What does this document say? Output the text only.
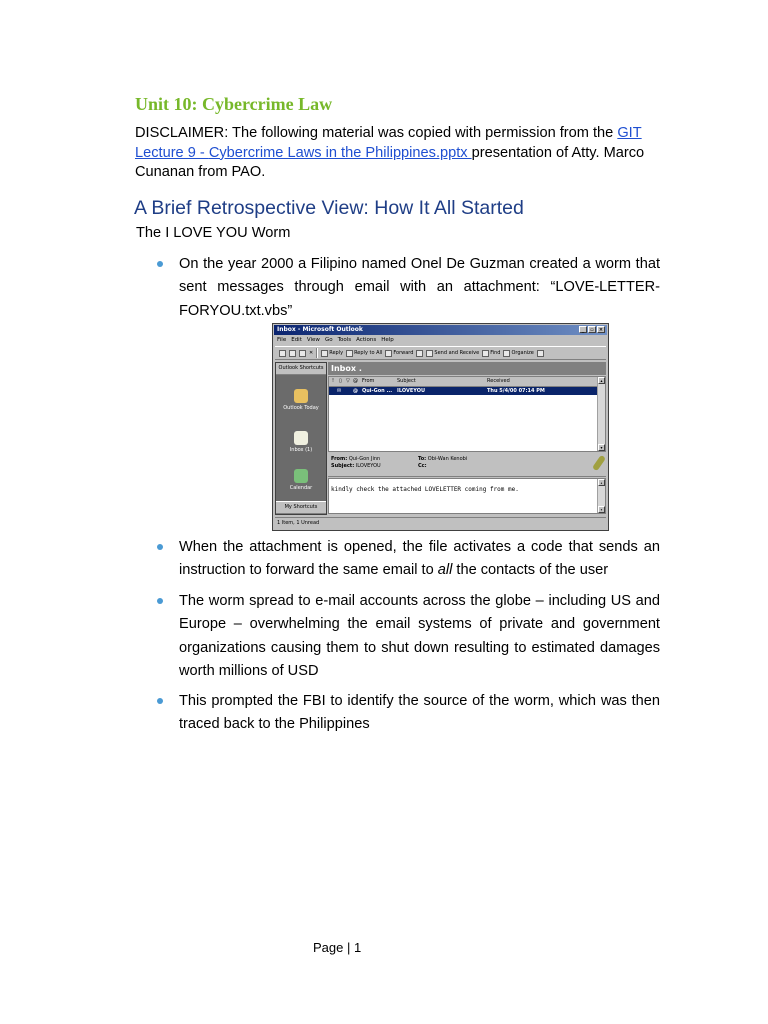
Unit 10: Cybercrime Law
DISCLAIMER: The following material was copied with permission from the GIT Lecture 9 - Cybercrime Laws in the Philippines.pptx presentation of Atty. Marco Cunanan from PAO.
A Brief Retrospective View: How It All Started
The I LOVE YOU Worm
On the year 2000 a Filipino named Onel De Guzman created a worm that sent messages through email with an attachment: “LOVE-LETTER-FORYOU.txt.vbs”
Inbox - Microsoft Outlook	_	▫	×
File Edit View Go Tools Actions Help
✕	Reply Reply to All Forward	Send and Receive Find Organize
Outlook Shortcuts
Outlook Today
Inbox (1)
Calendar
My Shortcuts
Inbox .
! ▯ ▽ @ From	Subject	Received
✉ @ Qui-Gon ... ILOVEYOU	Thu 5/4/00 07:14 PM
▴
▾
From: Qui-Gon Jinn
Subject: ILOVEYOU
To: Obi-Wan Kenobi
Cc:
kindly check the attached LOVELETTER coming from me.
▴
▾
1 Item, 1 Unread
When the attachment is opened, the file activates a code that sends an instruction to forward the same email to all the contacts of the user
The worm spread to e-mail accounts across the globe – including US and Europe – overwhelming the email systems of private and government organizations causing them to shut down resulting to estimated damages worth millions of USD
This prompted the FBI to identify the source of the worm, which was then traced back to the Philippines
Page | 1
